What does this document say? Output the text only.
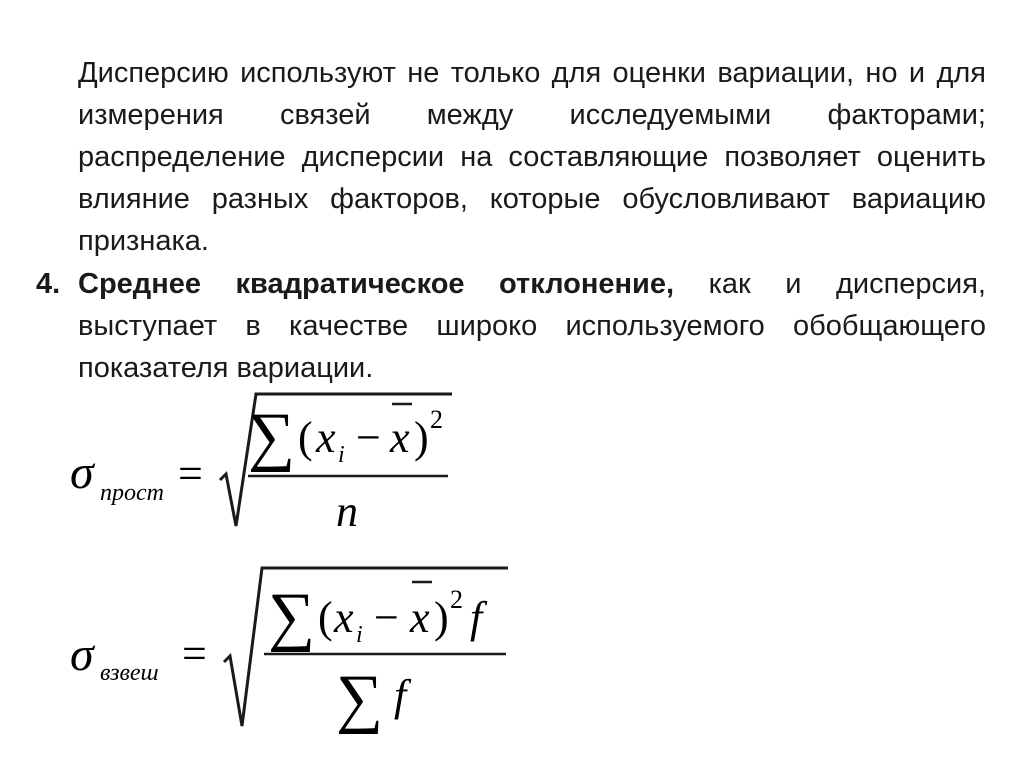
Дисперсию используют не только для оценки вариации, но и для измерения связей между исследуемыми факторами; распределение дисперсии на составляющие позволяет оценить влияние разных факторов, которые обусловливают вариацию признака.
4. Среднее квадратическое отклонение, как и дисперсия, выступает в качестве широко используемого обобщающего показателя вариации.
σ прост =
∑ ( x i − x ) 2
n
σ взвеш =
∑ ( x i − x ) 2 f
∑ f
